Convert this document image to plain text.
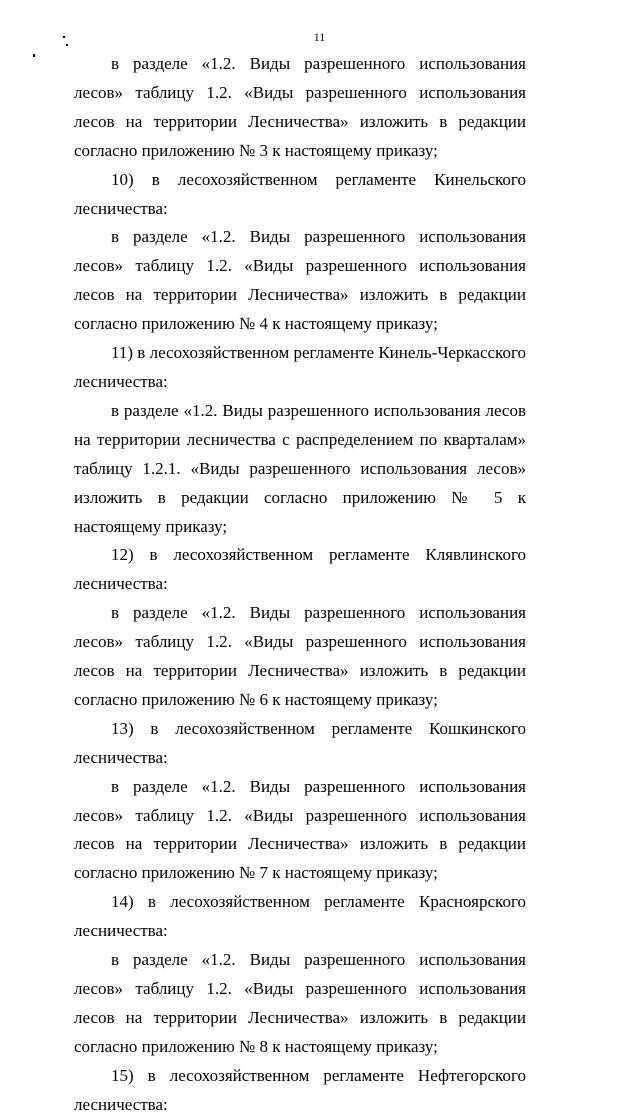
11

в разделе «1.2. Виды разрешенного использования лесов» таблицу 1.2. «Виды разрешенного использования лесов на территории Лесничества» изложить в редакции согласно приложению № 3 к настоящему приказу;

10) в лесохозяйственном регламенте Кинельского лесничества:

в разделе «1.2. Виды разрешенного использования лесов» таблицу 1.2. «Виды разрешенного использования лесов на территории Лесничества» изложить в редакции согласно приложению № 4 к настоящему приказу;

11) в лесохозяйственном регламенте Кинель-Черкасского лесничества:

в разделе «1.2. Виды разрешенного использования лесов на территории лесничества с распределением по кварталам» таблицу 1.2.1. «Виды разрешенного использования лесов» изложить в редакции согласно приложению № 5 к настоящему приказу;

12) в лесохозяйственном регламенте Клявлинского лесничества:

в разделе «1.2. Виды разрешенного использования лесов» таблицу 1.2. «Виды разрешенного использования лесов на территории Лесничества» изложить в редакции согласно приложению № 6 к настоящему приказу;

13) в лесохозяйственном регламенте Кошкинского лесничества:

в разделе «1.2. Виды разрешенного использования лесов» таблицу 1.2. «Виды разрешенного использования лесов на территории Лесничества» изложить в редакции согласно приложению № 7 к настоящему приказу;

14) в лесохозяйственном регламенте Красноярского лесничества:

в разделе «1.2. Виды разрешенного использования лесов» таблицу 1.2. «Виды разрешенного использования лесов на территории Лесничества» изложить в редакции согласно приложению № 8 к настоящему приказу;

15) в лесохозяйственном регламенте Нефтегорского лесничества:
